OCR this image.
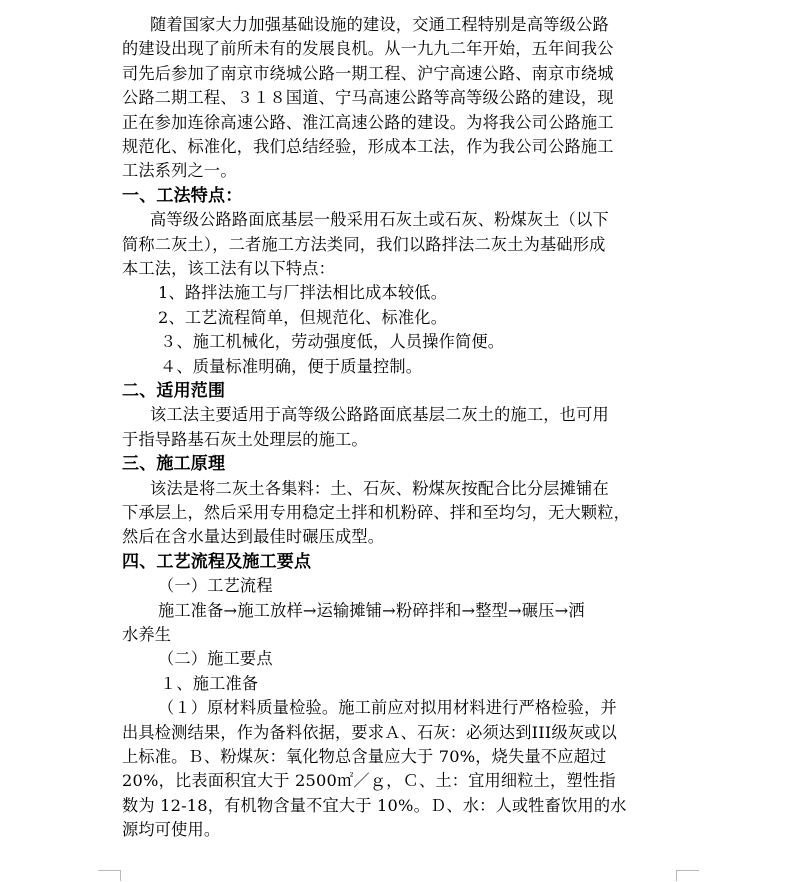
随着国家大力加强基础设施的建设，交通工程特别是高等级公路
的建设出现了前所未有的发展良机。从一九九二年开始，五年间我公
司先后参加了南京市绕城公路一期工程、沪宁高速公路、南京市绕城
公路二期工程、３１８国道、宁马高速公路等高等级公路的建设，现
正在参加连徐高速公路、淮江高速公路的建设。为将我公司公路施工
规范化、标准化，我们总结经验，形成本工法，作为我公司公路施工
工法系列之一。
一、工法特点：
高等级公路路面底基层一般采用石灰土或石灰、粉煤灰土（以下
简称二灰土），二者施工方法类同，我们以路拌法二灰土为基础形成
本工法，该工法有以下特点：
1、路拌法施工与厂拌法相比成本较低。
2、工艺流程简单，但规范化、标准化。
３、施工机械化，劳动强度低，人员操作简便。
４、质量标准明确，便于质量控制。
二、适用范围
该工法主要适用于高等级公路路面底基层二灰土的施工，也可用
于指导路基石灰土处理层的施工。
三、施工原理
该法是将二灰土各集料：土、石灰、粉煤灰按配合比分层摊铺在
下承层上，然后采用专用稳定土拌和机粉碎、拌和至均匀，无大颗粒，
然后在含水量达到最佳时碾压成型。
四、工艺流程及施工要点
（一）工艺流程
施工准备→施工放样→运输摊铺→粉碎拌和→整型→碾压→洒
水养生
（二）施工要点
１、施工准备
（１）原材料质量检验。施工前应对拟用材料进行严格检验，并
出具检测结果，作为备料依据，要求Ａ、石灰：必须达到III级灰或以
上标准。Ｂ、粉煤灰：氧化物总含量应大于 70%，烧失量不应超过
20%，比表面积宜大于 2500㎡／ｇ，Ｃ、土：宜用细粒土，塑性指
数为 12-18，有机物含量不宜大于 10%。Ｄ、水：人或牲畜饮用的水
源均可使用。
